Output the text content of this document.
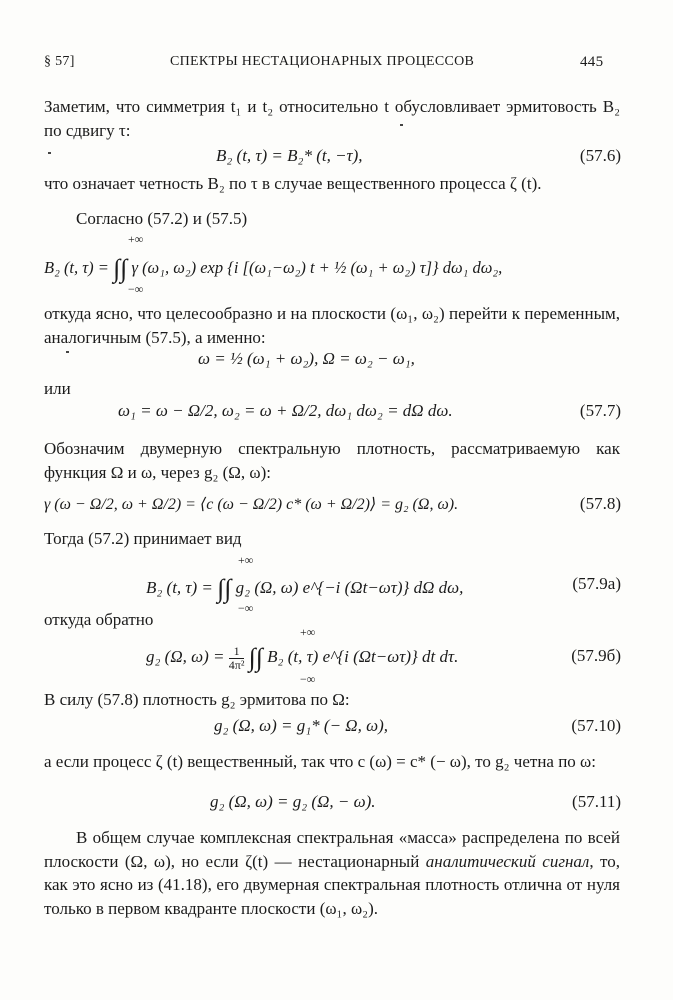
§ 57]	СПЕКТРЫ НЕСТАЦИОНАРНЫХ ПРОЦЕССОВ	445
Заметим, что симметрия t₁ и t₂ относительно t обусловливает эрмитовость B₂ по сдвигу τ:
B₂ (t, τ) = B₂* (t, −τ),	(57.6)
что означает четность B₂ по τ в случае вещественного процесса ζ (t).
Согласно (57.2) и (57.5)
+∞
B₂ (t, τ) = ∫∫ γ (ω₁, ω₂) exp {i [(ω₁−ω₂) t + ½ (ω₁ + ω₂) τ]} dω₁ dω₂,
−∞
откуда ясно, что целесообразно и на плоскости (ω₁, ω₂) перейти к переменным, аналогичным (57.5), а именно:
ω = ½ (ω₁ + ω₂), Ω = ω₂ − ω₁,
или
ω₁ = ω − Ω/2, ω₂ = ω + Ω/2, dω₁ dω₂ = dΩ dω.	(57.7)
Обозначим двумерную спектральную плотность, рассматриваемую как функция Ω и ω, через g₂ (Ω, ω):
γ (ω − Ω/2, ω + Ω/2) = ⟨c (ω − Ω/2) c* (ω + Ω/2)⟩ = g₂ (Ω, ω).	(57.8)
Тогда (57.2) принимает вид
+∞
B₂ (t, τ) = ∫∫ g₂ (Ω, ω) e^{−i (Ωt−ωτ)} dΩ dω,	(57.9а)
−∞
откуда обратно
+∞
g₂ (Ω, $\omega) = \frac{1}{\text{4π²}}$ ∫∫ B₂ (t, τ) e^{i (Ωt−ωτ)} dt dτ.	(57.9б)
−∞
В силу (57.8) плотность g₂ эрмитова по Ω:
g₂ (Ω, ω) = g₁* (− Ω, ω),	(57.10)
а если процесс ζ (t) вещественный, так что c (ω) = c* (− ω), то g₂ четна по ω:
g₂ (Ω, ω) = g₂ (Ω, − ω).	(57.11)
В общем случае комплексная спектральная «масса» распределена по всей плоскости (Ω, ω), но если ζ(t) — нестационарный аналитический сигнал, то, как это ясно из (41.18), его двумерная спектральная плотность отлична от нуля только в первом квадранте плоскости (ω₁, ω₂).
